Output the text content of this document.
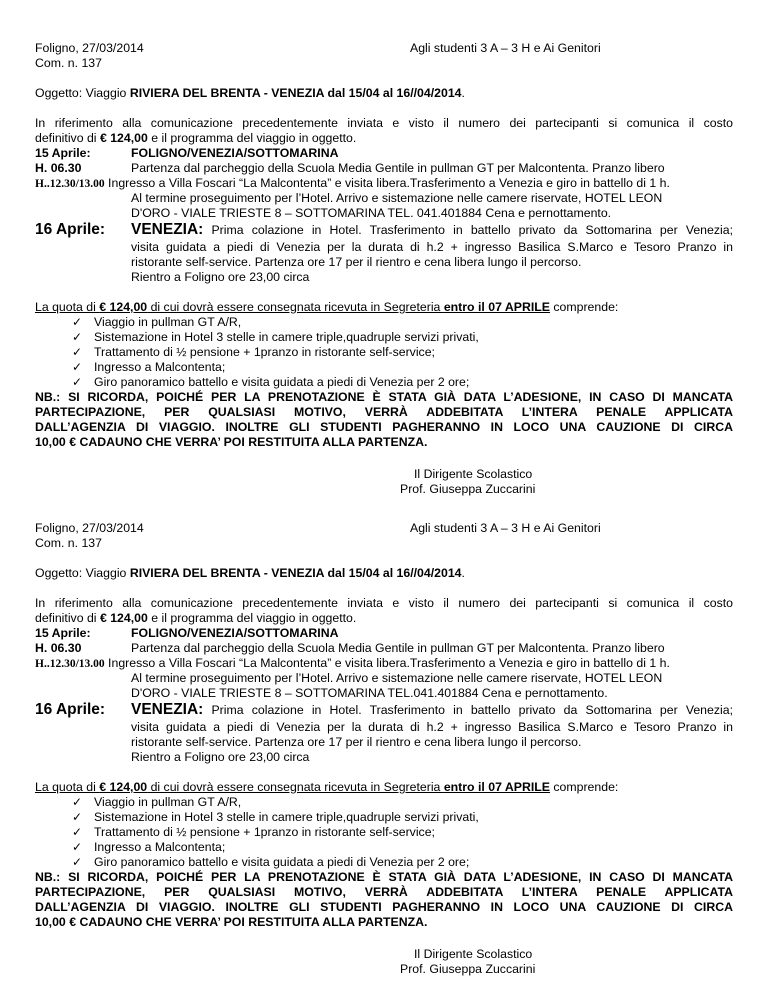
Foligno, 27/03/2014	Agli studenti 3 A – 3 H e Ai Genitori
Com. n. 137
Oggetto: Viaggio RIVIERA DEL BRENTA - VENEZIA dal 15/04 al 16//04/2014.
In riferimento alla comunicazione precedentemente inviata e visto il numero dei partecipanti si comunica il costo
definitivo di € 124,00 e il programma del viaggio in oggetto.
15 Aprile:	FOLIGNO/VENEZIA/SOTTOMARINA
H. 06.30	Partenza dal parcheggio della Scuola Media Gentile in pullman GT per Malcontenta. Pranzo libero
H..12.30/13.00 Ingresso a Villa Foscari “La Malcontenta” e visita libera.Trasferimento a Venezia e giro in battello di 1 h.
Al termine proseguimento per l’Hotel. Arrivo e sistemazione nelle camere riservate, HOTEL LEON
D'ORO - VIALE TRIESTE 8 – SOTTOMARINA TEL. 041.401884 Cena e pernottamento.
16 Aprile: VENEZIA: Prima colazione in Hotel. Trasferimento in battello privato da Sottomarina per Venezia;
visita guidata a piedi di Venezia per la durata di h.2 + ingresso Basilica S.Marco e Tesoro Pranzo in
ristorante self-service. Partenza ore 17 per il rientro e cena libera lungo il percorso.
Rientro a Foligno ore 23,00 circa
La quota di € 124,00 di cui dovrà essere consegnata ricevuta in Segreteria entro il 07 APRILE comprende:
✓ Viaggio in pullman GT A/R,
✓ Sistemazione in Hotel 3 stelle in camere triple,quadruple servizi privati,
✓ Trattamento di ½ pensione + 1pranzo in ristorante self-service;
✓ Ingresso a Malcontenta;
✓ Giro panoramico battello e visita guidata a piedi di Venezia per 2 ore;
NB.: SI RICORDA, POICHÉ PER LA PRENOTAZIONE È STATA GIÀ DATA L’ADESIONE, IN CASO DI MANCATA
PARTECIPAZIONE, PER QUALSIASI MOTIVO, VERRÀ ADDEBITATA L’INTERA PENALE APPLICATA
DALL’AGENZIA DI VIAGGIO. INOLTRE GLI STUDENTI PAGHERANNO IN LOCO UNA CAUZIONE DI CIRCA
10,00 € CADAUNO CHE VERRA’ POI RESTITUITA ALLA PARTENZA.
Il Dirigente Scolastico
Prof. Giuseppa Zuccarini
Foligno, 27/03/2014	Agli studenti 3 A – 3 H e Ai Genitori
Com. n. 137
Oggetto: Viaggio RIVIERA DEL BRENTA - VENEZIA dal 15/04 al 16//04/2014.
In riferimento alla comunicazione precedentemente inviata e visto il numero dei partecipanti si comunica il costo
definitivo di € 124,00 e il programma del viaggio in oggetto.
15 Aprile:	FOLIGNO/VENEZIA/SOTTOMARINA
H. 06.30	Partenza dal parcheggio della Scuola Media Gentile in pullman GT per Malcontenta. Pranzo libero
H..12.30/13.00 Ingresso a Villa Foscari “La Malcontenta” e visita libera.Trasferimento a Venezia e giro in battello di 1 h.
Al termine proseguimento per l’Hotel. Arrivo e sistemazione nelle camere riservate, HOTEL LEON
D'ORO - VIALE TRIESTE 8 – SOTTOMARINA TEL.041.401884 Cena e pernottamento.
16 Aprile: VENEZIA: Prima colazione in Hotel. Trasferimento in battello privato da Sottomarina per Venezia;
visita guidata a piedi di Venezia per la durata di h.2 + ingresso Basilica S.Marco e Tesoro Pranzo in
ristorante self-service. Partenza ore 17 per il rientro e cena libera lungo il percorso.
Rientro a Foligno ore 23,00 circa
La quota di € 124,00 di cui dovrà essere consegnata ricevuta in Segreteria entro il 07 APRILE comprende:
✓ Viaggio in pullman GT A/R,
✓ Sistemazione in Hotel 3 stelle in camere triple,quadruple servizi privati,
✓ Trattamento di ½ pensione + 1pranzo in ristorante self-service;
✓ Ingresso a Malcontenta;
✓ Giro panoramico battello e visita guidata a piedi di Venezia per 2 ore;
NB.: SI RICORDA, POICHÉ PER LA PRENOTAZIONE È STATA GIÀ DATA L’ADESIONE, IN CASO DI MANCATA
PARTECIPAZIONE, PER QUALSIASI MOTIVO, VERRÀ ADDEBITATA L’INTERA PENALE APPLICATA
DALL’AGENZIA DI VIAGGIO. INOLTRE GLI STUDENTI PAGHERANNO IN LOCO UNA CAUZIONE DI CIRCA
10,00 € CADAUNO CHE VERRA’ POI RESTITUITA ALLA PARTENZA.
Il Dirigente Scolastico
Prof. Giuseppa Zuccarini
